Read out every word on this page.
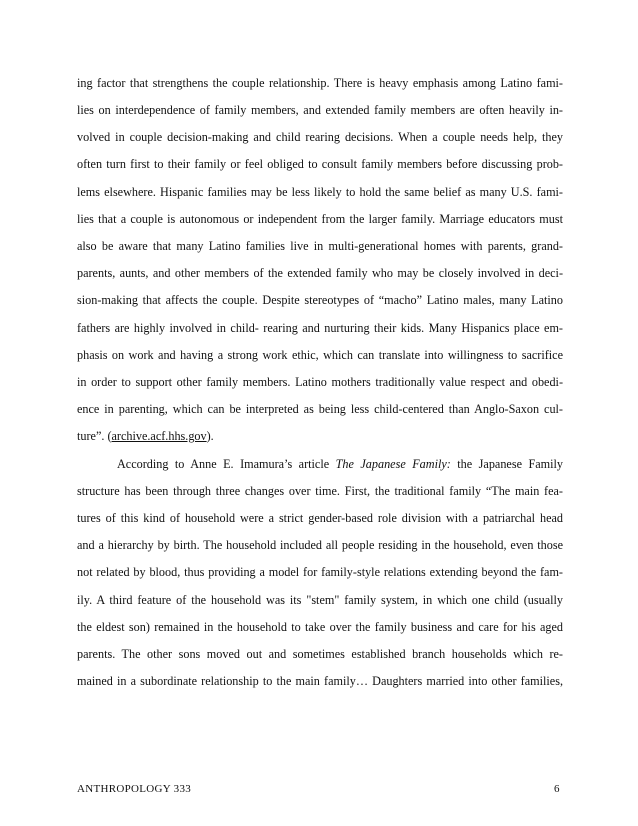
ing factor that strengthens the couple relationship. There is heavy emphasis among Latino fami-
lies on interdependence of family members, and extended family members are often heavily in-
volved in couple decision-making and child rearing decisions. When a couple needs help, they
often turn first to their family or feel obliged to consult family members before discussing prob-
lems elsewhere. Hispanic families may be less likely to hold the same belief as many U.S. fami-
lies that a couple is autonomous or independent from the larger family. Marriage educators must
also be aware that many Latino families live in multi-generational homes with parents, grand-
parents, aunts, and other members of the extended family who may be closely involved in deci-
sion-making that affects the couple. Despite stereotypes of “macho” Latino males, many Latino
fathers are highly involved in child- rearing and nurturing their kids. Many Hispanics place em-
phasis on work and having a strong work ethic, which can translate into willingness to sacrifice
in order to support other family members. Latino mothers traditionally value respect and obedi-
ence in parenting, which can be interpreted as being less child-centered than Anglo-Saxon cul-
ture”. (archive.acf.hhs.gov).
According to Anne E. Imamura’s article The Japanese Family: the Japanese Family
structure has been through three changes over time. First, the traditional family “The main fea-
tures of this kind of household were a strict gender-based role division with a patriarchal head
and a hierarchy by birth. The household included all people residing in the household, even those
not related by blood, thus providing a model for family-style relations extending beyond the fam-
ily. A third feature of the household was its "stem" family system, in which one child (usually
the eldest son) remained in the household to take over the family business and care for his aged
parents. The other sons moved out and sometimes established branch households which re-
mained in a subordinate relationship to the main family… Daughters married into other families,
ANTHROPOLOGY 333	6
